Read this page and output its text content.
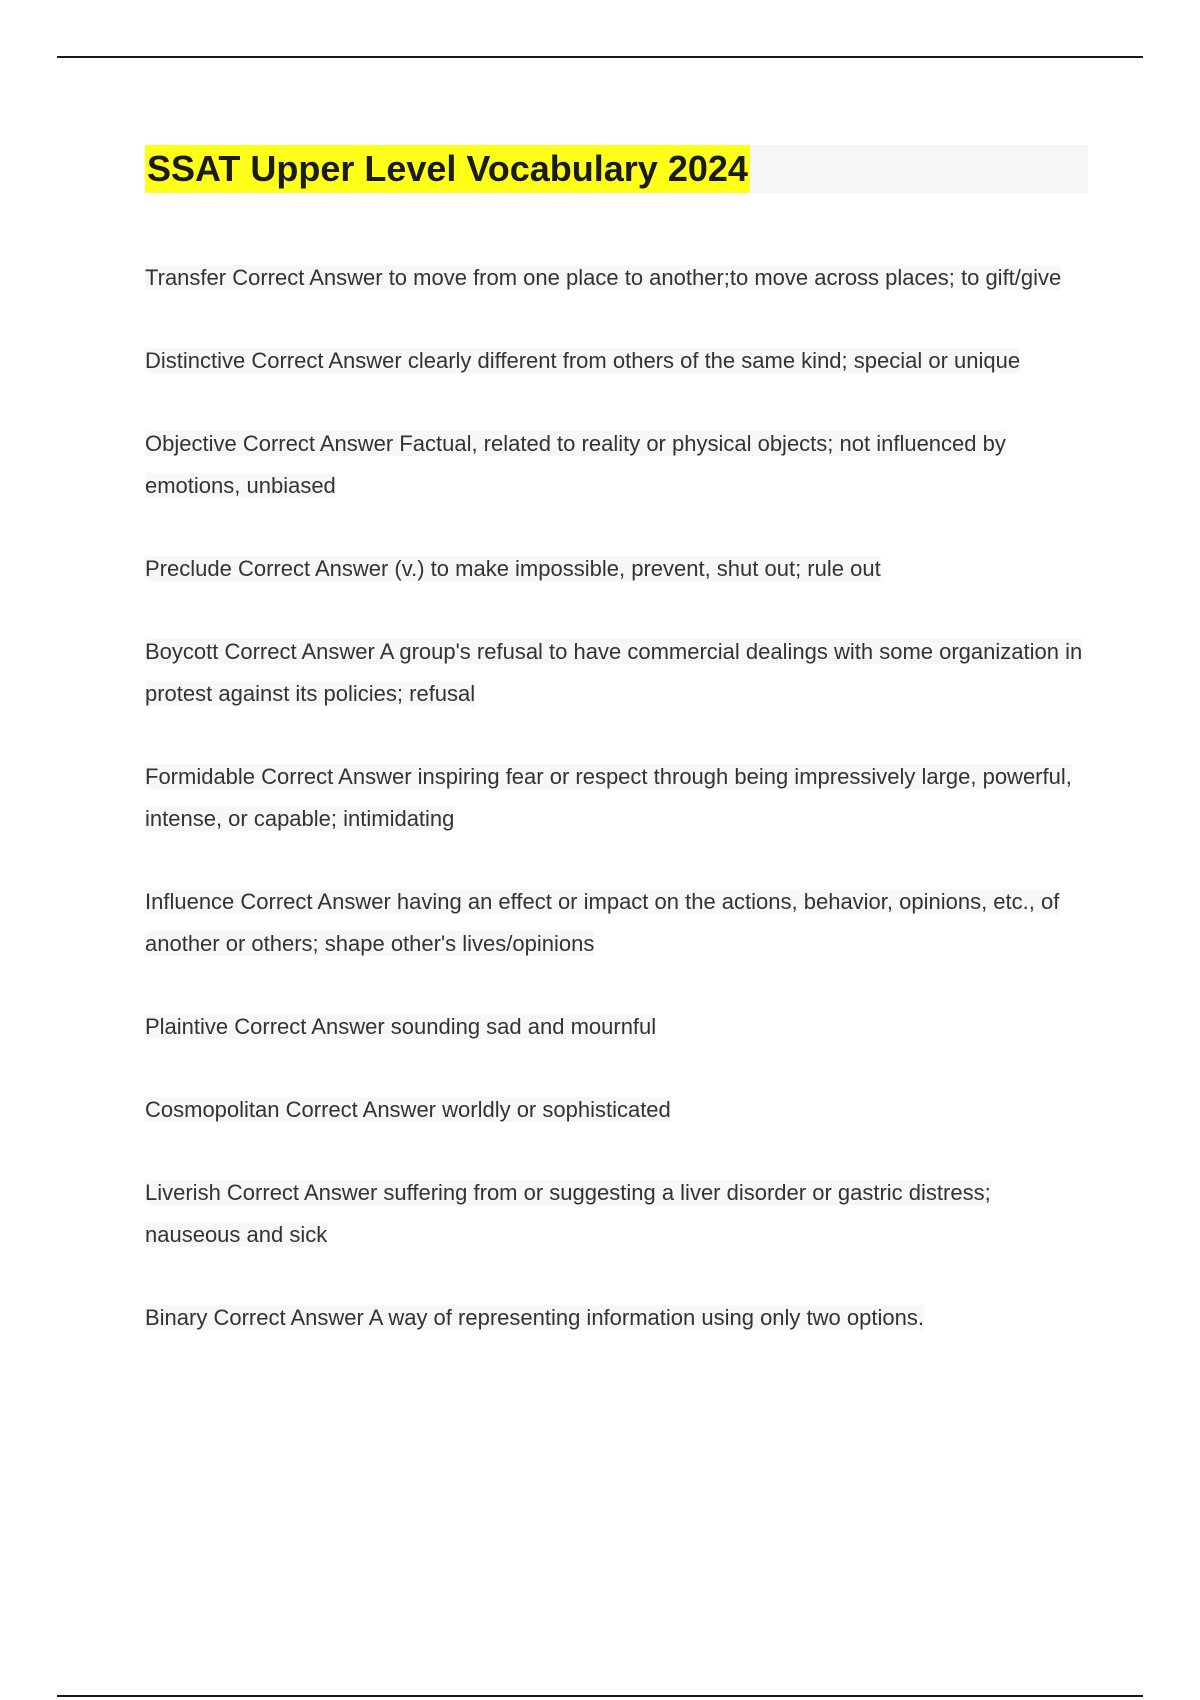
SSAT Upper Level Vocabulary 2024

Transfer Correct Answer to move from one place to another;to move across places; to gift/give

Distinctive Correct Answer clearly different from others of the same kind; special or unique

Objective Correct Answer Factual, related to reality or physical objects; not influenced by emotions, unbiased

Preclude Correct Answer (v.) to make impossible, prevent, shut out; rule out

Boycott Correct Answer A group's refusal to have commercial dealings with some organization in protest against its policies; refusal

Formidable Correct Answer inspiring fear or respect through being impressively large, powerful, intense, or capable; intimidating

Influence Correct Answer having an effect or impact on the actions, behavior, opinions, etc., of another or others; shape other's lives/opinions

Plaintive Correct Answer sounding sad and mournful

Cosmopolitan Correct Answer worldly or sophisticated

Liverish Correct Answer suffering from or suggesting a liver disorder or gastric distress; nauseous and sick

Binary Correct Answer A way of representing information using only two options.
